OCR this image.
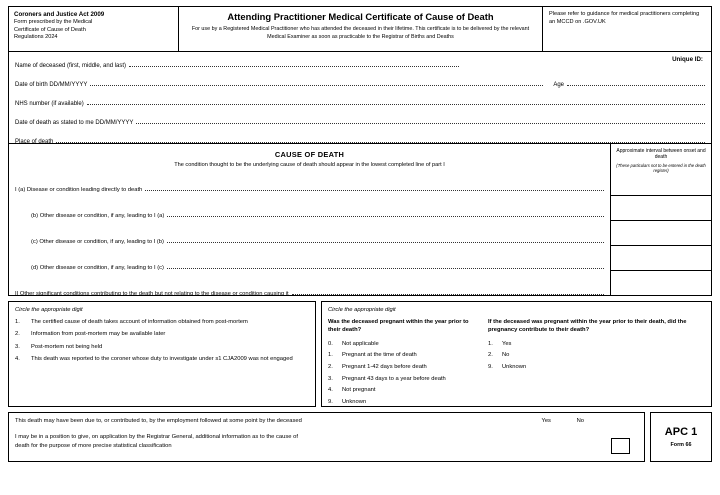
Coroners and Justice Act 2009
Form prescribed by the Medical
Certificate of Cause of Death
Regulations 2024
Attending Practitioner Medical Certificate of Cause of Death
For use by a Registered Medical Practitioner who has attended the deceased in their lifetime. This certificate is to be delivered by the relevant Medical Examiner as soon as practicable to the Registrar of Births and Deaths
Please refer to guidance for medical practitioners completing an MCCD on .GOV.UK
Unique ID:
Name of deceased (first, middle, and last)
Date of birth DD/MM/YYYY	Age
NHS number (if available)
Date of death as stated to me DD/MM/YYYY
Place of death
CAUSE OF DEATH
The condition thought to be the underlying cause of death should appear in the lowest completed line of part I
I (a) Disease or condition leading directly to death
(b) Other disease or condition, if any, leading to I (a)
(c) Other disease or condition, if any, leading to I (b)
(d) Other disease or condition, if any, leading to I (c)
II Other significant conditions contributing to the death but not relating to the disease or condition causing it
Approximate interval between onset and death
(These particulars not to be entered in the death register)
Circle the appropriate digit
1.	The certified cause of death takes account of information obtained from post-mortem
2.	Information from post-mortem may be available later
3.	Post-mortem not being held
4.	This death was reported to the coroner whose duty to investigate under s1 CJA2009 was not engaged
Circle the appropriate digit
Was the deceased pregnant within the year prior to their death?
0.	Not applicable
1.	Pregnant at the time of death
2.	Pregnant 1-42 days before death
3.	Pregnant 43 days to a year before death
4.	Not pregnant
9.	Unknown
If the deceased was pregnant within the year prior to their death, did the pregnancy contribute to their death?
1.	Yes
2.	No
9.	Unknown
This death may have been due to, or contributed to, by the employment followed at some point by the deceased	Yes	No
I may be in a position to give, on application by the Registrar General, additional information as to the cause of
death for the purpose of more precise statistical classification
APC 1
Form 66
